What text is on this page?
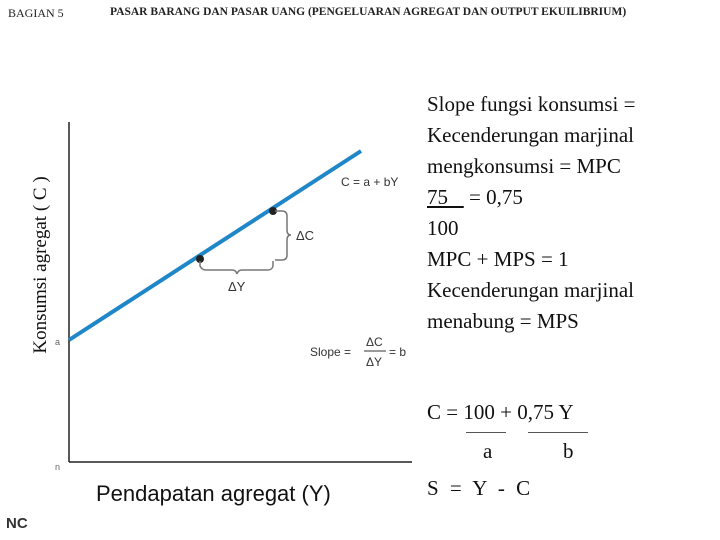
BAGIAN 5	PASAR BARANG DAN PASAR UANG (PENGELUARAN AGREGAT DAN OUTPUT EKUILIBRIUM)
C = a + bY
ΔC
ΔY
a
n
Slope =
ΔC
ΔY
= b
Konsumsi agregat ( C )
Pendapatan agregat (Y)
NC
Slope fungsi konsumsi =
Kecenderungan marjinal
mengkonsumsi = MPC
75 = 0,75
100
MPC + MPS = 1
Kecenderungan marjinal
menabung = MPS
C = 100 + 0,75 Y
a	b
S = Y - C
